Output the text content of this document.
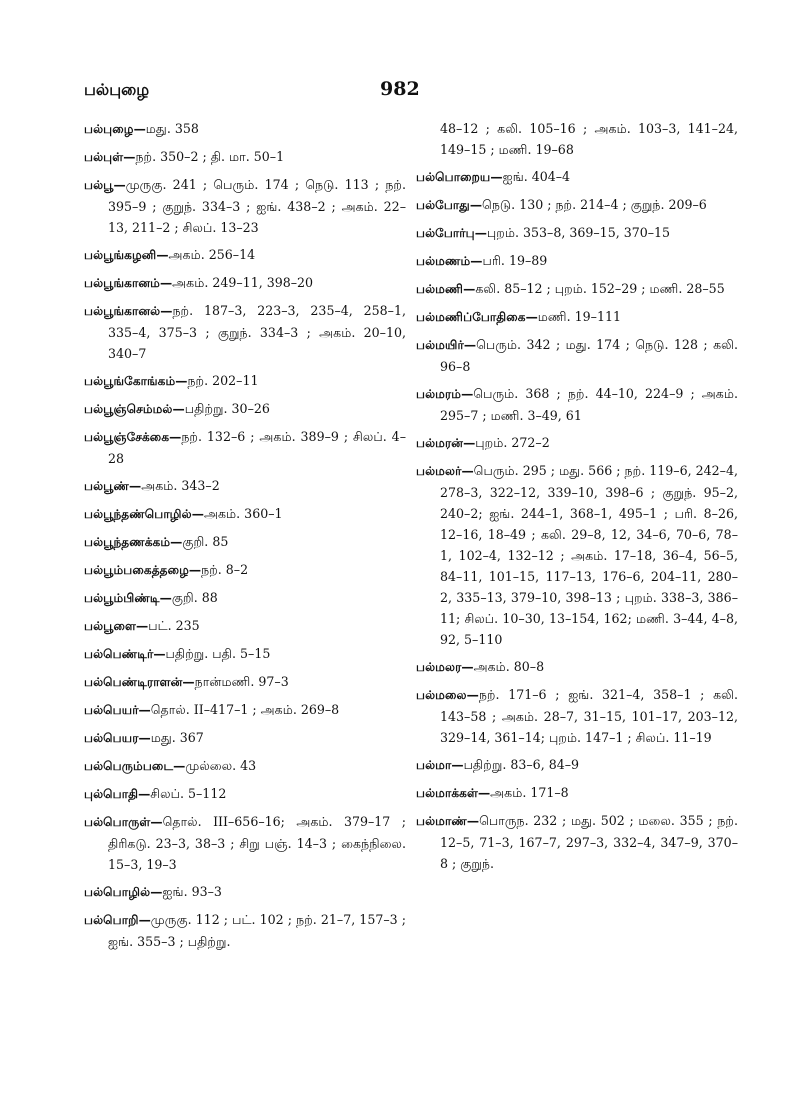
பல்புழை	982
பல்புழை—மது. 358
பல்புள்—நற். 350–2 ; தி. மா. 50–1
பல்பூ—முருகு. 241 ; பெரும். 174 ; நெடு. 113 ; நற். 395–9 ; குறுந். 334–3 ; ஐங். 438–2 ; அகம். 22–13, 211–2 ; சிலப். 13–23
பல்பூங்கழனி—அகம். 256–14
பல்பூங்கானம்—அகம். 249–11, 398–20
பல்பூங்கானல்—நற். 187–3, 223–3, 235–4, 258–1, 335–4, 375–3 ; குறுந். 334–3 ; அகம். 20–10, 340–7
பல்பூங்கோங்கம்—நற். 202–11
பல்பூஞ்செம்மல்—பதிற்று. 30–26
பல்பூஞ்சேக்கை—நற். 132–6 ; அகம். 389–9 ; சிலப். 4–28
பல்பூண்—அகம். 343–2
பல்பூந்தண்பொழில்—அகம். 360–1
பல்பூந்தணக்கம்—குறி. 85
பல்பூம்பகைத்தழை—நற். 8–2
பல்பூம்பிண்டி—குறி. 88
பல்பூளை—பட். 235
பல்பெண்டிர்—பதிற்று. பதி. 5–15
பல்பெண்டிராளன்—நான்மணி. 97–3
பல்பெயர்—தொல். II–417–1 ; அகம். 269–8
பல்பெயர—மது. 367
பல்பெரும்படை—முல்லை. 43
புல்பொதி—சிலப். 5–112
பல்பொருள்—தொல். III–656–16; அகம். 379–17 ; திரிகடு. 23–3, 38–3 ; சிறு பஞ். 14–3 ; கைந்நிலை. 15–3, 19–3
பல்பொழில்—ஐங். 93–3
பல்பொறி—முருகு. 112 ; பட். 102 ; நற். 21–7, 157–3 ; ஐங். 355–3 ; பதிற்று.
48–12 ; கலி. 105–16 ; அகம். 103–3, 141–24, 149–15 ; மணி. 19–68
பல்பொறைய—ஐங். 404–4
பல்போது—நெடு. 130 ; நற். 214–4 ; குறுந். 209–6
பல்போர்பு—புறம். 353–8, 369–15, 370–15
பல்மணம்—பரி. 19–89
பல்மணி—கலி. 85–12 ; புறம். 152–29 ; மணி. 28–55
பல்மணிப்போதிகை—மணி. 19–111
பல்மயிர்—பெரும். 342 ; மது. 174 ; நெடு. 128 ; கலி. 96–8
பல்மரம்—பெரும். 368 ; நற். 44–10, 224–9 ; அகம். 295–7 ; மணி. 3–49, 61
பல்மரன்—புறம். 272–2
பல்மலர்—பெரும். 295 ; மது. 566 ; நற். 119–6, 242–4, 278–3, 322–12, 339–10, 398–6 ; குறுந். 95–2, 240–2; ஐங். 244–1, 368–1, 495–1 ; பரி. 8–26, 12–16, 18–49 ; கலி. 29–8, 12, 34–6, 70–6, 78–1, 102–4, 132–12 ; அகம். 17–18, 36–4, 56–5, 84–11, 101–15, 117–13, 176–6, 204–11, 280–2, 335–13, 379–10, 398–13 ; புறம். 338–3, 386–11; சிலப். 10–30, 13–154, 162; மணி. 3–44, 4–8, 92, 5–110
பல்மலர—அகம். 80–8
பல்மலை—நற். 171–6 ; ஐங். 321–4, 358–1 ; கலி. 143–58 ; அகம். 28–7, 31–15, 101–17, 203–12, 329–14, 361–14; புறம். 147–1 ; சிலப். 11–19
பல்மா—பதிற்று. 83–6, 84–9
பல்மாக்கள்—அகம். 171–8
பல்மாண்—பொருந. 232 ; மது. 502 ; மலை. 355 ; நற். 12–5, 71–3, 167–7, 297–3, 332–4, 347–9, 370–8 ; குறுந்.
